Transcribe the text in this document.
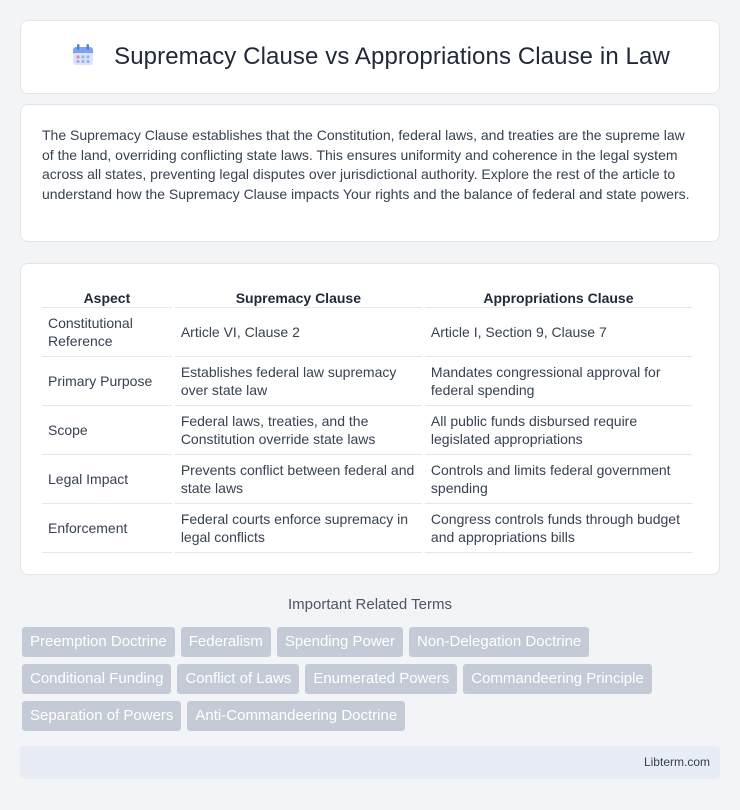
Supremacy Clause vs Appropriations Clause in Law

The Supremacy Clause establishes that the Constitution, federal laws, and treaties are the supreme law of the land, overriding conflicting state laws. This ensures uniformity and coherence in the legal system across all states, preventing legal disputes over jurisdictional authority. Explore the rest of the article to understand how the Supremacy Clause impacts Your rights and the balance of federal and state powers.

Aspect	Supremacy Clause	Appropriations Clause
Constitutional Reference	Article VI, Clause 2	Article I, Section 9, Clause 7
Primary Purpose	Establishes federal law supremacy over state law	Mandates congressional approval for federal spending
Scope	Federal laws, treaties, and the Constitution override state laws	All public funds disbursed require legislated appropriations
Legal Impact	Prevents conflict between federal and state laws	Controls and limits federal government spending
Enforcement	Federal courts enforce supremacy in legal conflicts	Congress controls funds through budget and appropriations bills
Important Related Terms
Preemption Doctrine	Federalism	Spending Power	Non-Delegation Doctrine
Conditional Funding	Conflict of Laws	Enumerated Powers	Commandeering Principle
Separation of Powers	Anti-Commandeering Doctrine
Libterm.com
